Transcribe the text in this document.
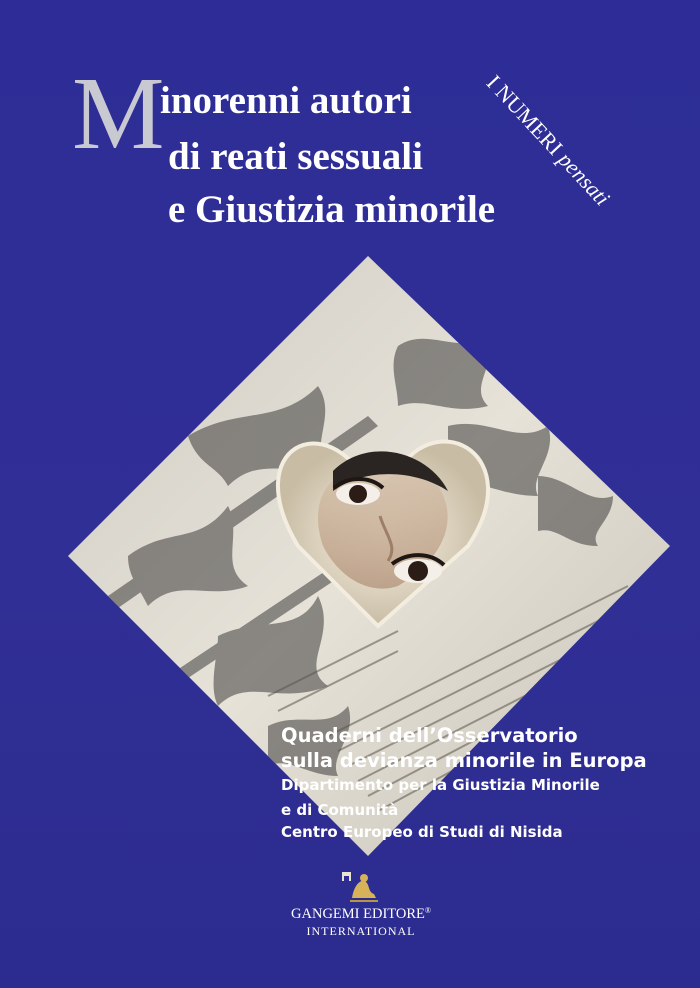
M
inorenni autori
di reati sessuali
e Giustizia minorile
I NUMERI pensati
Quaderni dell’Osservatorio
sulla devianza minorile in Europa
Dipartimento per la Giustizia Minorile
e di Comunità
Centro Europeo di Studi di Nisida
GANGEMI EDITORE®
INTERNATIONAL
